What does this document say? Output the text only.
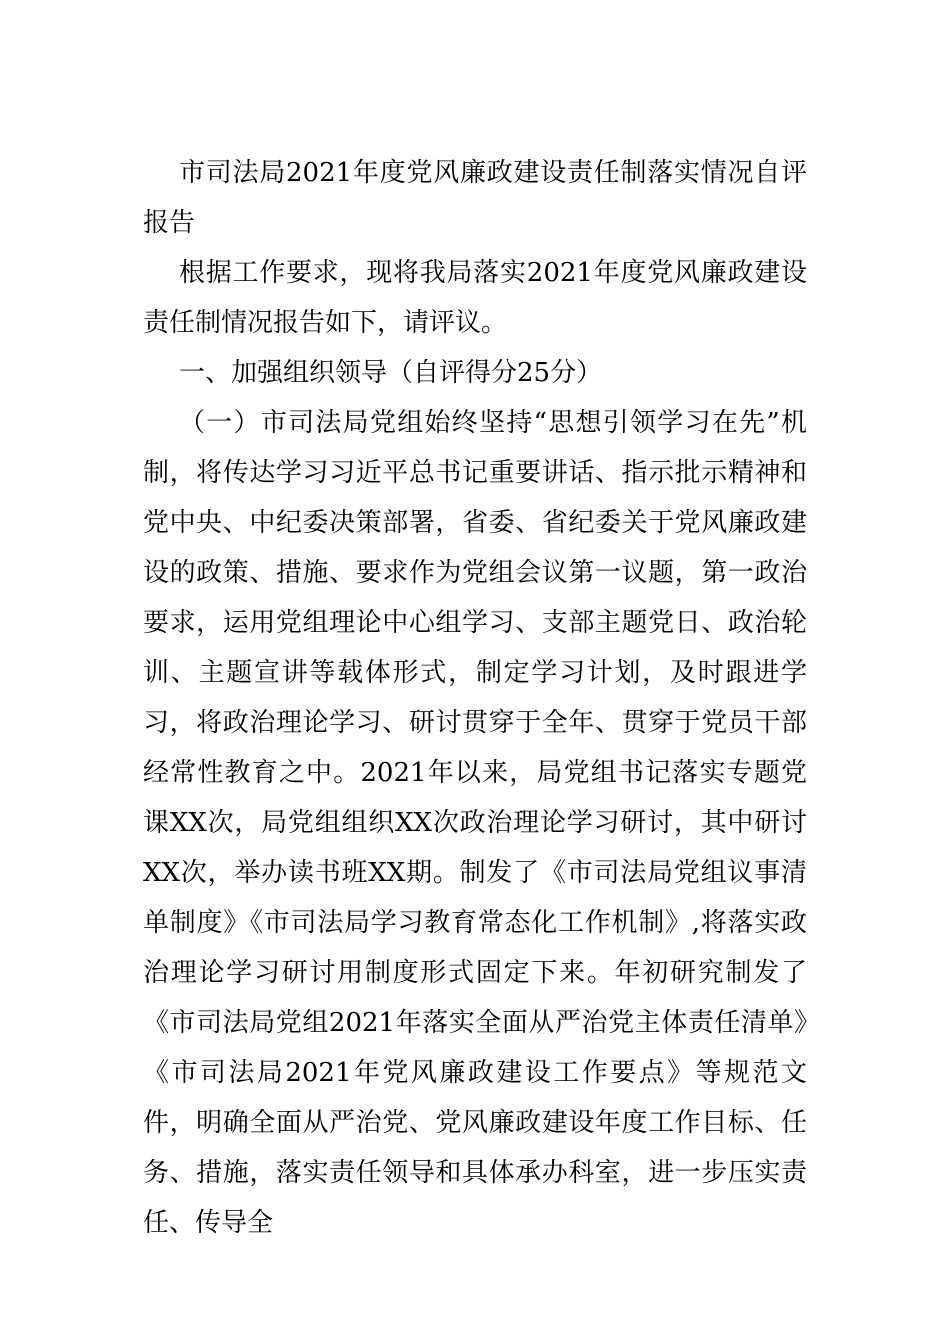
市司法局2021年度党风廉政建设责任制落实情况自评报告

根据工作要求，现将我局落实2021年度党风廉政建设责任制情况报告如下，请评议。

一、加强组织领导（自评得分25分）

（一）市司法局党组始终坚持“思想引领学习在先”机制，将传达学习习近平总书记重要讲话、指示批示精神和党中央、中纪委决策部署，省委、省纪委关于党风廉政建设的政策、措施、要求作为党组会议第一议题，第一政治要求，运用党组理论中心组学习、支部主题党日、政治轮训、主题宣讲等载体形式，制定学习计划，及时跟进学习，将政治理论学习、研讨贯穿于全年、贯穿于党员干部经常性教育之中。2021年以来，局党组书记落实专题党课XX次，局党组组织XX次政治理论学习研讨，其中研讨XX次，举办读书班XX期。制发了《市司法局党组议事清单制度》《市司法局学习教育常态化工作机制》,将落实政治理论学习研讨用制度形式固定下来。年初研究制发了《市司法局党组2021年落实全面从严治党主体责任清单》《市司法局2021年党风廉政建设工作要点》等规范文件，明确全面从严治党、党风廉政建设年度工作目标、任务、措施，落实责任领导和具体承办科室，进一步压实责任、传导全
